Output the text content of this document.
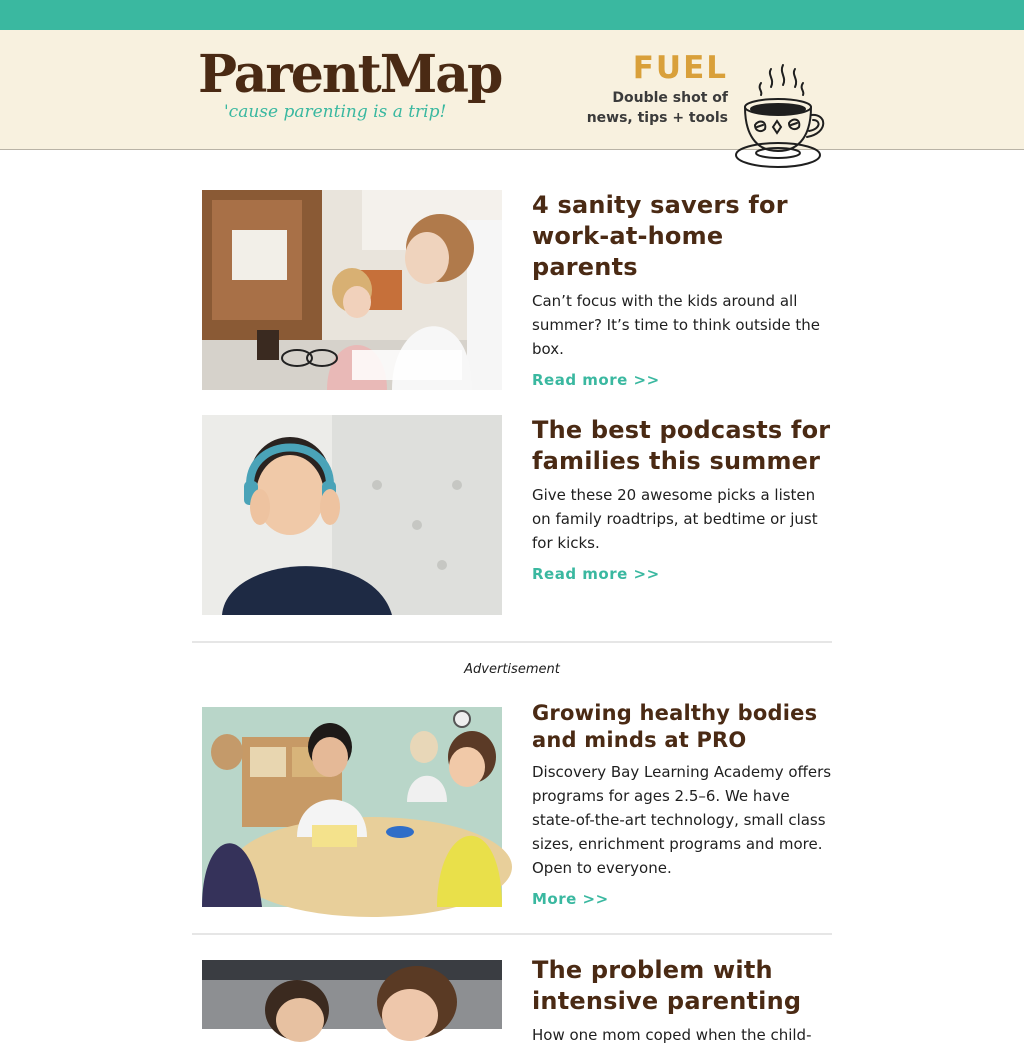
ParentMap
'cause parenting is a trip!
FUEL
Double shot of
news, tips + tools
4 sanity savers for work-at-home parents
Can’t focus with the kids around all summer? It’s time to think outside the box.
Read more >>
The best podcasts for families this summer
Give these 20 awesome picks a listen on family roadtrips, at bedtime or just for kicks.
Read more >>
Advertisement
Growing healthy bodies and minds at PRO
Discovery Bay Learning Academy offers programs for ages 2.5–6. We have state-of-the-art technology, small class sizes, enrichment programs and more. Open to everyone.
More >>
The problem with intensive parenting
How one mom coped when the child-
